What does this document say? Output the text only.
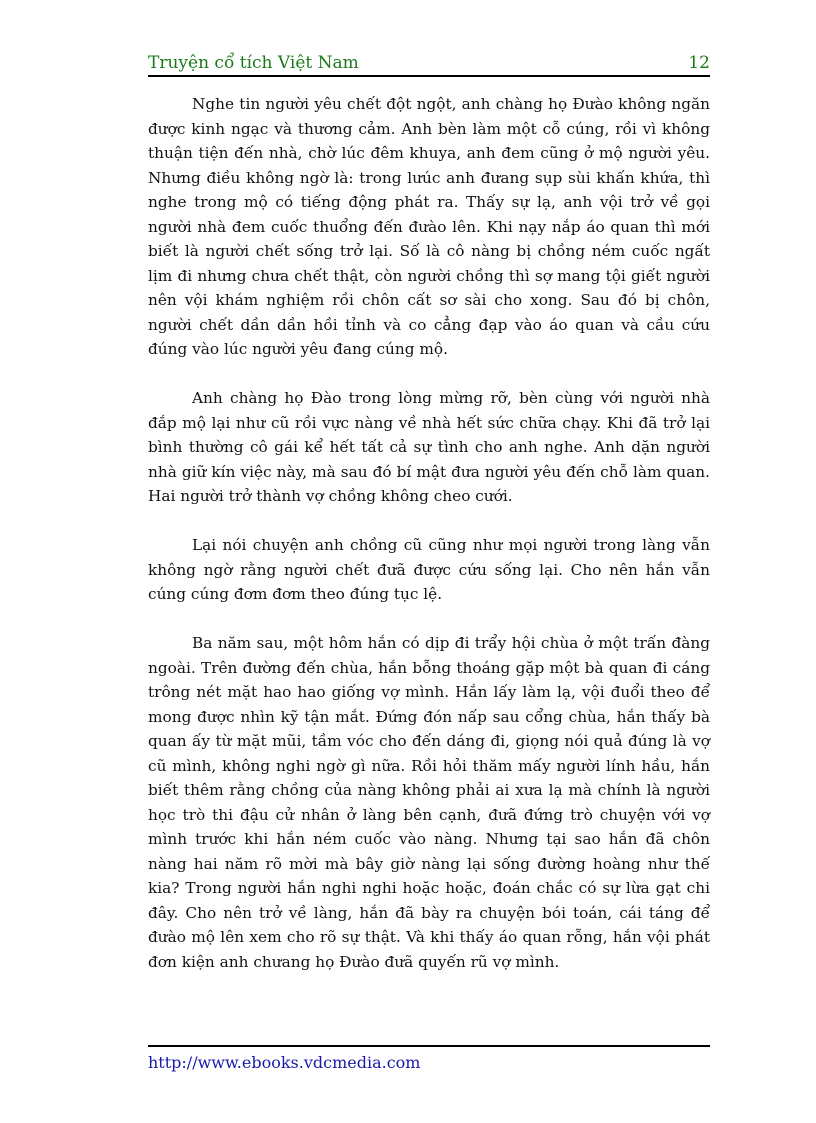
Truyện cổ tích Việt Nam	12

Nghe tin người yêu chết đột ngột, anh chàng họ Đưào không ngăn được kinh ngạc và thương cảm. Anh bèn làm một cỗ cúng, rồi vì không thuận tiện đến nhà, chờ lúc đêm khuya, anh đem cũng ở mộ người yêu. Nhưng điều không ngờ là: trong lưúc anh đưang sụp sùi khấn khứa, thì nghe trong mộ có tiếng động phát ra. Thấy sự lạ, anh vội trở về gọi người nhà đem cuốc thuổng đến đưào lên. Khi nạy nắp áo quan thì mới biết là người chết sống trở lại. Số là cô nàng bị chồng ném cuốc ngất lịm đi nhưng chưa chết thật, còn người chồng thì sợ mang tội giết người nên vội khám nghiệm rồi chôn cất sơ sài cho xong. Sau đó bị chôn, người chết dần dần hồi tỉnh và co cẳng đạp vào áo quan và cầu cứu đúng vào lúc người yêu đang cúng mộ.

Anh chàng họ Đào trong lòng mừng rỡ, bèn cùng với người nhà đắp mộ lại như cũ rồi vực nàng về nhà hết sức chữa chạy. Khi đã trở lại bình thường cô gái kể hết tất cả sự tình cho anh nghe. Anh dặn người nhà giữ kín việc này, mà sau đó bí mật đưa người yêu đến chỗ làm quan. Hai người trở thành vợ chồng không cheo cưới.

Lại nói chuyện anh chồng cũ cũng như mọi người trong làng vẫn không ngờ rằng người chết đưã được cứu sống lại. Cho nên hắn vẫn cúng cúng đơm đơm theo đúng tục lệ.

Ba năm sau, một hôm hắn có dịp đi trẩy hội chùa ở một trấn đàng ngoài. Trên đường đến chùa, hắn bỗng thoáng gặp một bà quan đi cáng trông nét mặt hao hao giống vợ mình. Hắn lấy làm lạ, vội đuổi theo để mong được nhìn kỹ tận mắt. Đứng đón nấp sau cổng chùa, hắn thấy bà quan ấy từ mặt mũi, tầm vóc cho đến dáng đi, giọng nói quả đúng là vợ cũ mình, không nghi ngờ gì nữa. Rồi hỏi thăm mấy người lính hầu, hắn biết thêm rằng chồng của nàng không phải ai xưa lạ mà chính là người học trò thi đậu cử nhân ở làng bên cạnh, đưã đứng trò chuyện với vợ mình trước khi hắn ném cuốc vào nàng. Nhưng tại sao hắn đã chôn nàng hai năm rõ mời mà bây giờ nàng lại sống đường hoàng như thế kia? Trong người hắn nghi nghi hoặc hoặc, đoán chắc có sự lừa gạt chi đây. Cho nên trở về làng, hắn đã bày ra chuyện bói toán, cái táng để đưào mộ lên xem cho rõ sự thật. Và khi thấy áo quan rỗng, hắn vội phát đơn kiện anh chưang họ Đưào đưã quyến rũ vợ mình.

http://www.ebooks.vdcmedia.com
